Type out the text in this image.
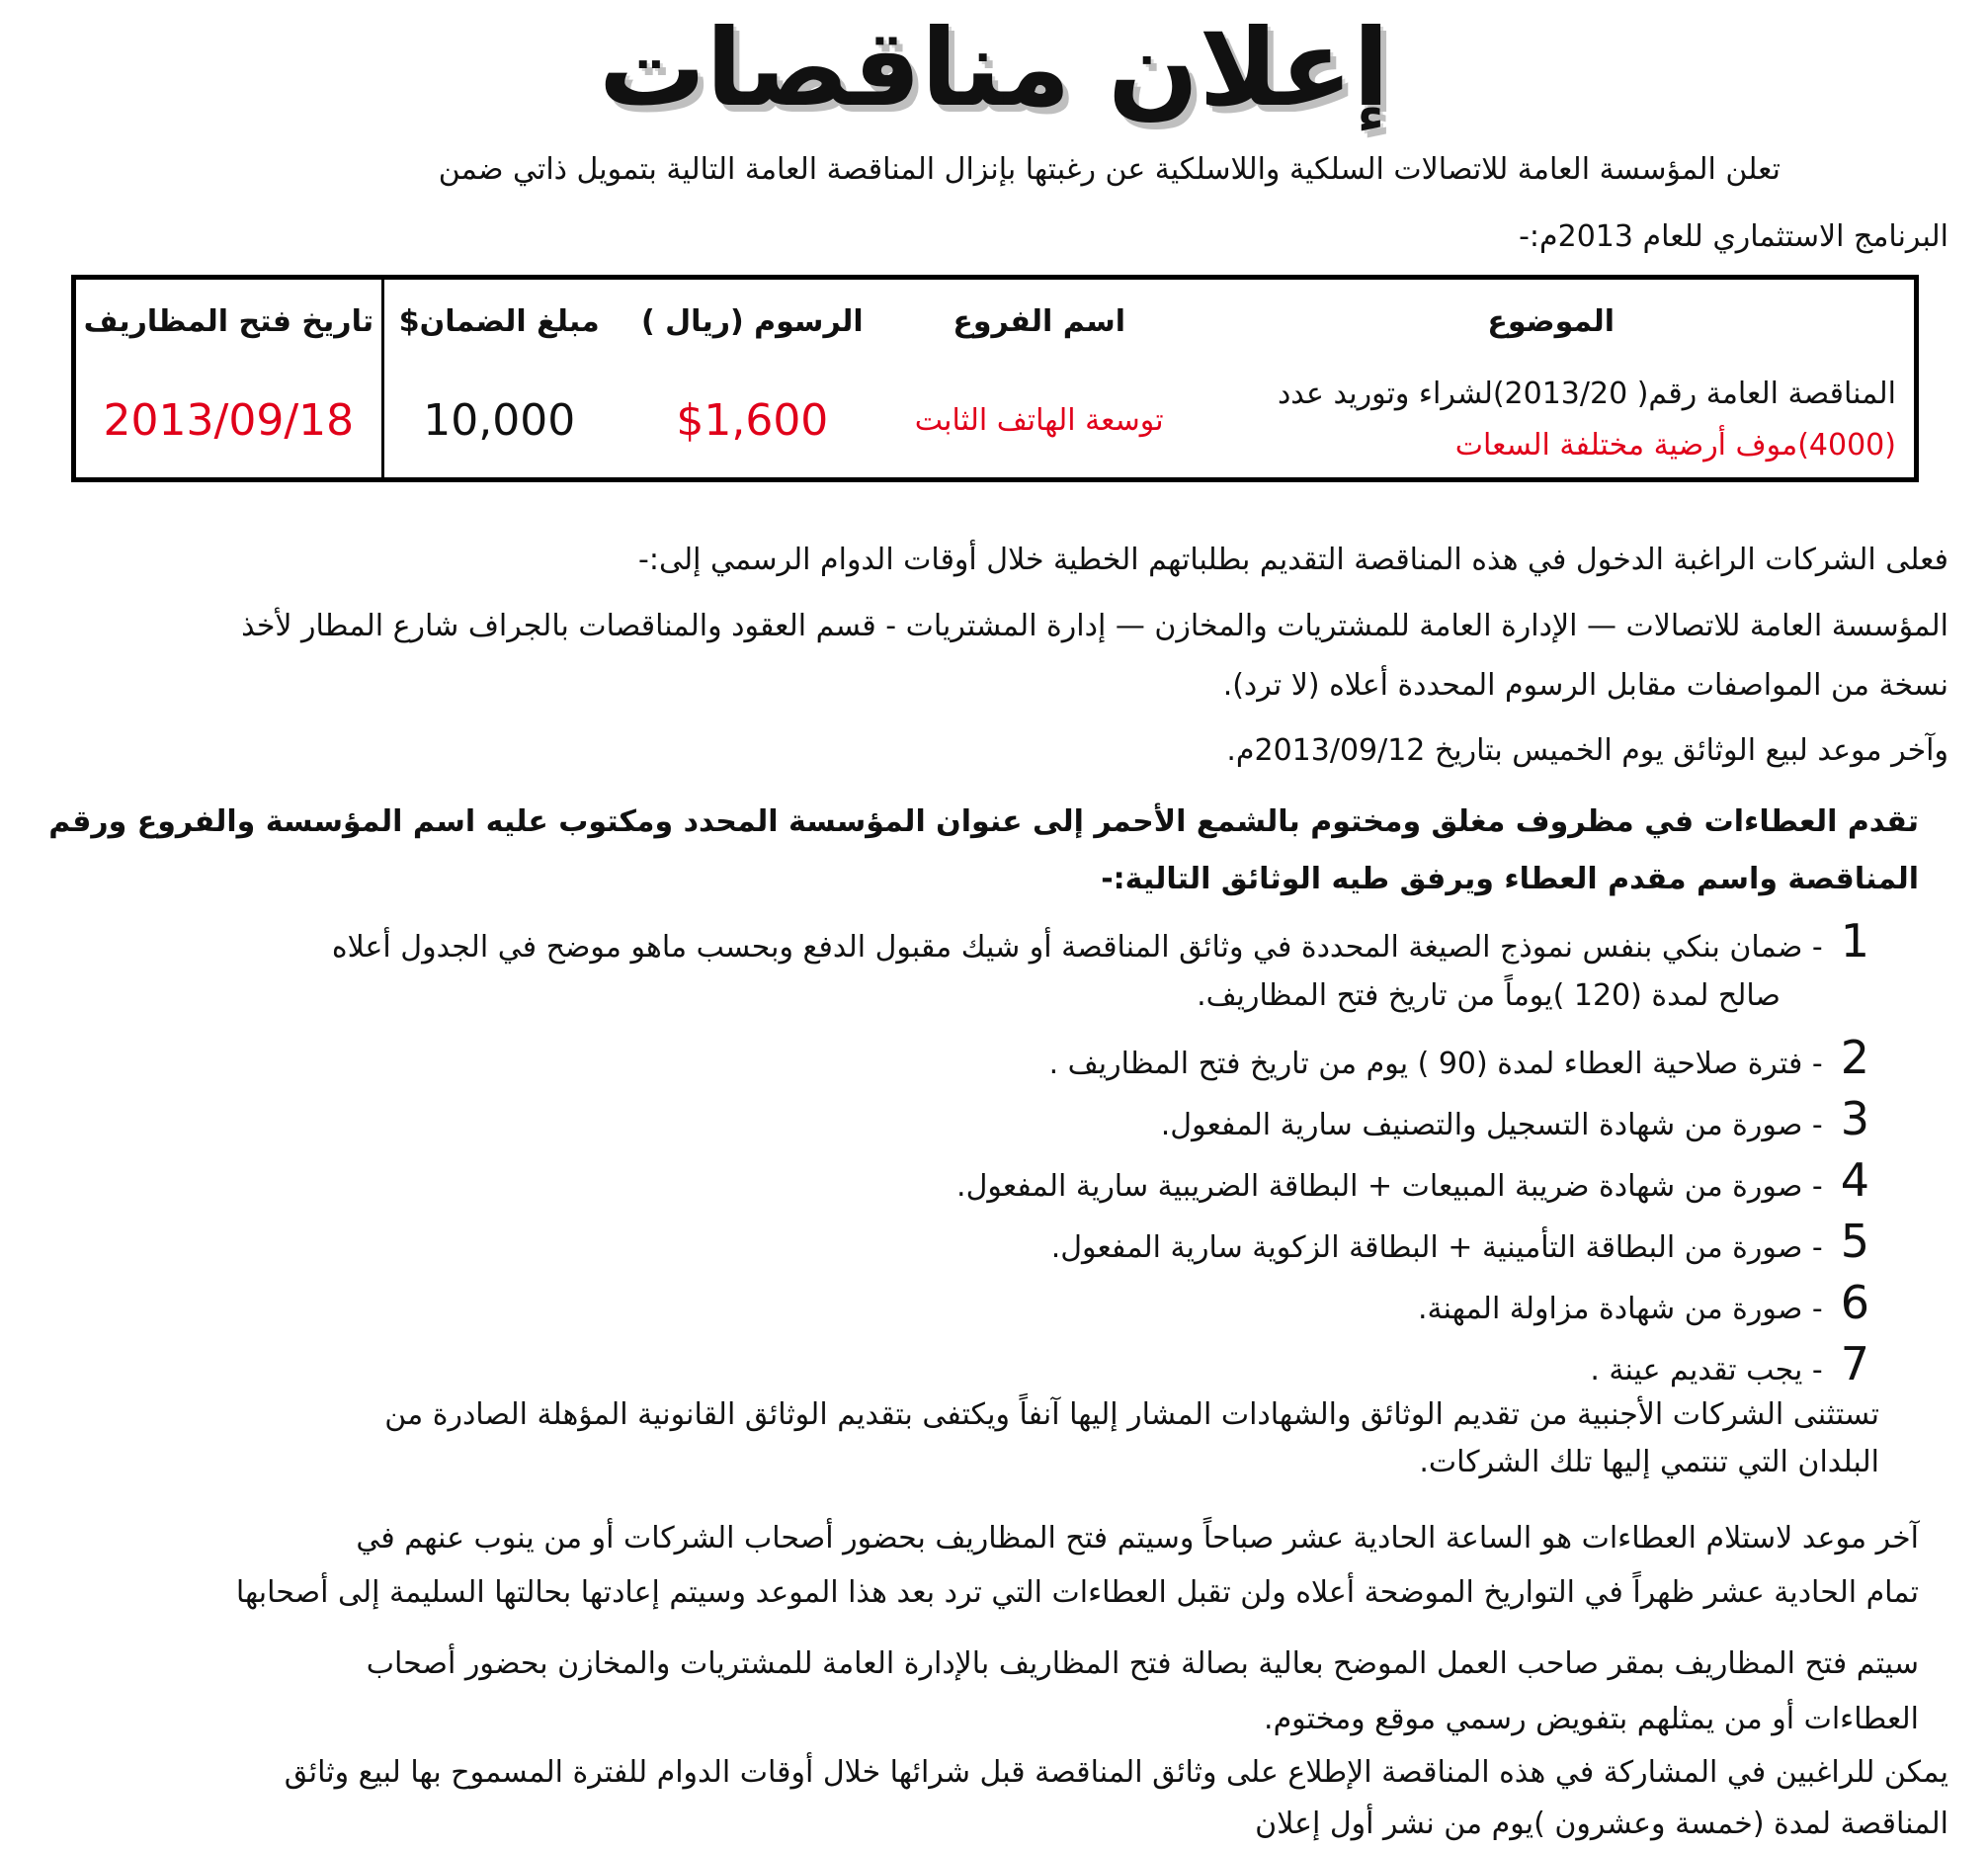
إعلان مناقصات
تعلن المؤسسة العامة للاتصالات السلكية واللاسلكية عن رغبتها بإنزال المناقصة العامة التالية بتمويل ذاتي ضمن
البرنامج الاستثماري للعام 2013م:-
الموضوع	اسم الفروع	الرسوم (ريال )	مبلغ الضمان$	تاريخ فتح المظاريف

المناقصة العامة رقم( 2013/20)لشراء وتوريد عدد
(4000)موف أرضية مختلفة السعات	توسعة الهاتف الثابت	$1,600	10,000	2013/09/18
فعلى الشركات الراغبة الدخول في هذه المناقصة التقديم بطلباتهم الخطية خلال أوقات الدوام الرسمي إلى:-
المؤسسة العامة للاتصالات — الإدارة العامة للمشتريات والمخازن — إدارة المشتريات - قسم العقود والمناقصات بالجراف شارع المطار لأخذ
نسخة من المواصفات مقابل الرسوم المحددة أعلاه (لا ترد).
وآخر موعد لبيع الوثائق يوم الخميس بتاريخ 2013/09/12م.
تقدم العطاءات في مظروف مغلق ومختوم بالشمع الأحمر إلى عنوان المؤسسة المحدد ومكتوب عليه اسم المؤسسة والفروع ورقم
المناقصة واسم مقدم العطاء ويرفق طيه الوثائق التالية:-
1- ضمان بنكي بنفس نموذج الصيغة المحددة في وثائق المناقصة أو شيك مقبول الدفع وبحسب ماهو موضح في الجدول أعلاه
صالح لمدة (120 )يوماً من تاريخ فتح المظاريف.
2- فترة صلاحية العطاء لمدة (90 ) يوم من تاريخ فتح المظاريف .
3- صورة من شهادة التسجيل والتصنيف سارية المفعول.
4- صورة من شهادة ضريبة المبيعات + البطاقة الضريبية سارية المفعول.
5- صورة من البطاقة التأمينية + البطاقة الزكوية سارية المفعول.
6- صورة من شهادة مزاولة المهنة.
7- يجب تقديم عينة .
تستثنى الشركات الأجنبية من تقديم الوثائق والشهادات المشار إليها آنفاً ويكتفى بتقديم الوثائق القانونية المؤهلة الصادرة من
البلدان التي تنتمي إليها تلك الشركات.
آخر موعد لاستلام العطاءات هو الساعة الحادية عشر صباحاً وسيتم فتح المظاريف بحضور أصحاب الشركات أو من ينوب عنهم في
تمام الحادية عشر ظهراً في التواريخ الموضحة أعلاه ولن تقبل العطاءات التي ترد بعد هذا الموعد وسيتم إعادتها بحالتها السليمة إلى أصحابها
سيتم فتح المظاريف بمقر صاحب العمل الموضح بعالية بصالة فتح المظاريف بالإدارة العامة للمشتريات والمخازن بحضور أصحاب
العطاءات أو من يمثلهم بتفويض رسمي موقع ومختوم.
يمكن للراغبين في المشاركة في هذه المناقصة الإطلاع على وثائق المناقصة قبل شرائها خلال أوقات الدوام للفترة المسموح بها لبيع وثائق
المناقصة لمدة (خمسة وعشرون )يوم من نشر أول إعلان
